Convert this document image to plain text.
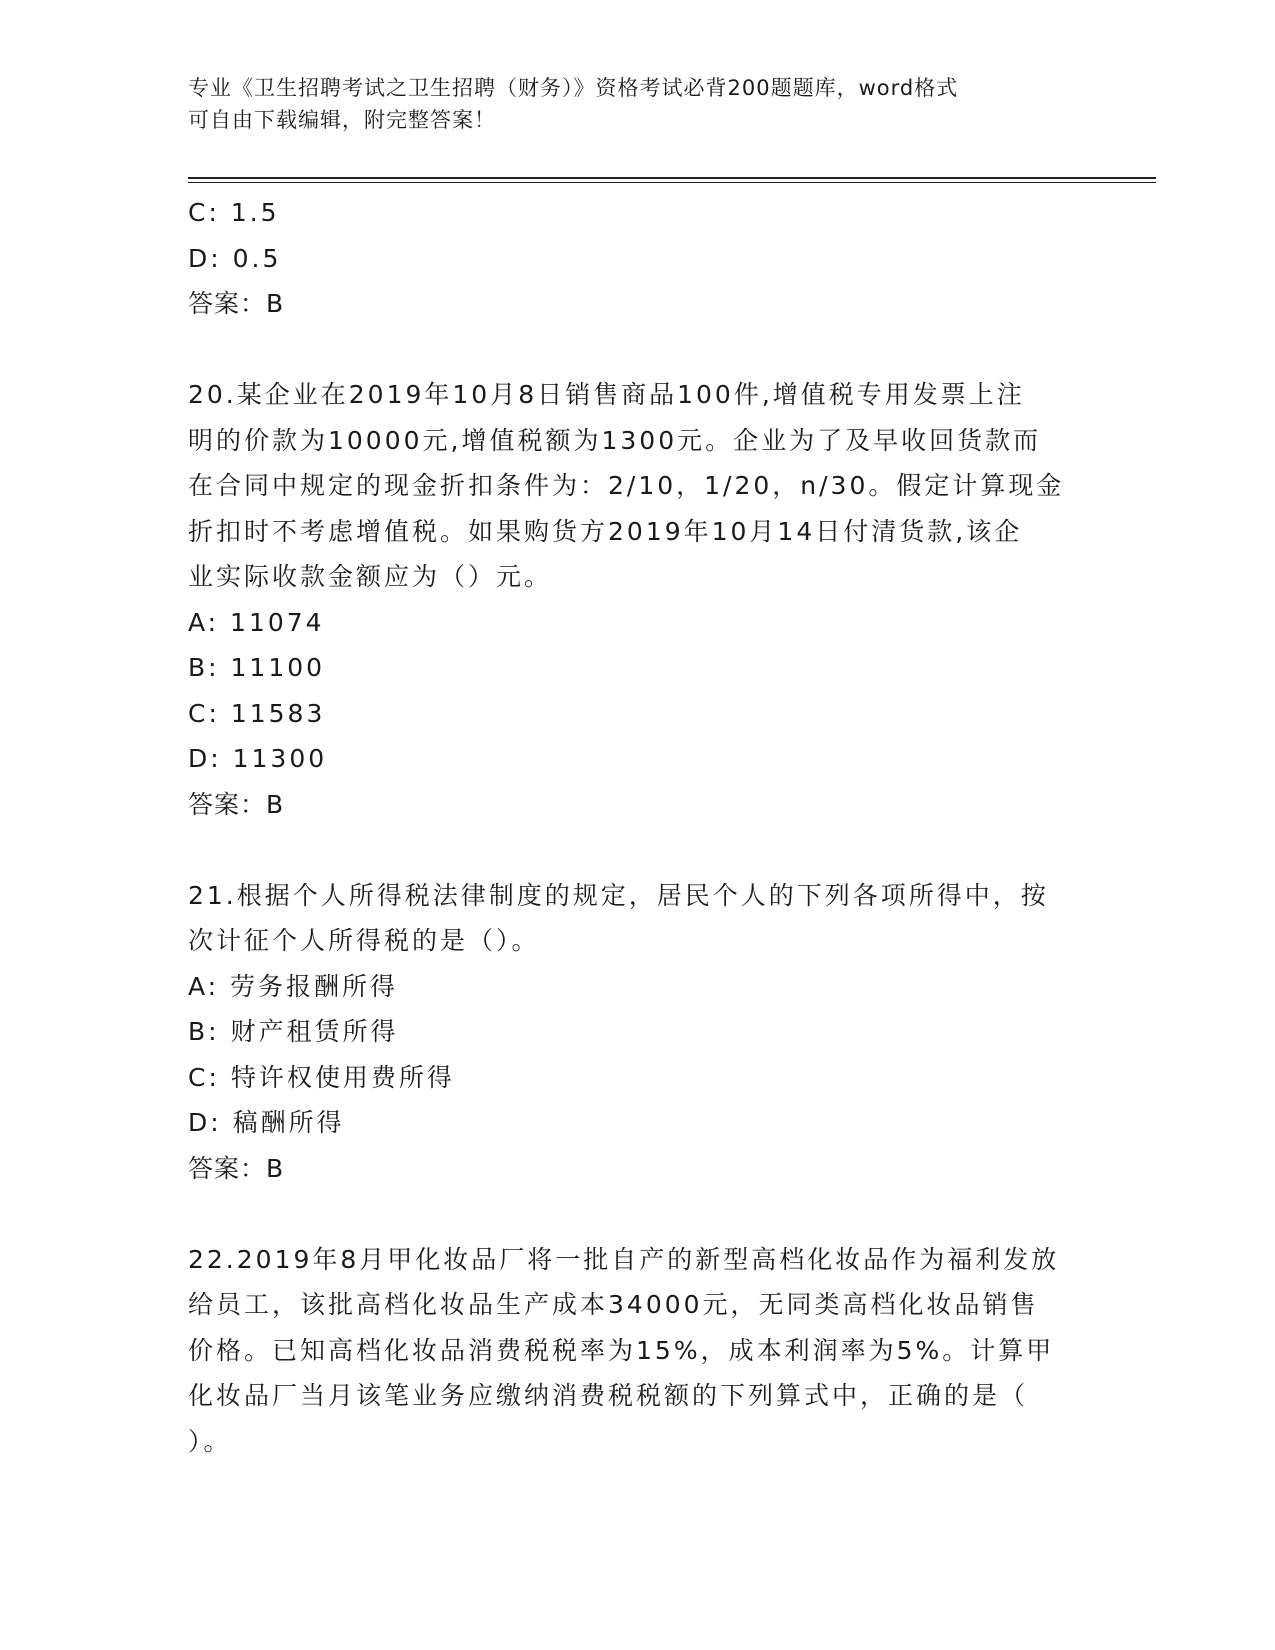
专业《卫生招聘考试之卫生招聘（财务）》资格考试必背200题题库，word格式
可自由下载编辑，附完整答案！
C: 1.5
D: 0.5
答案：B
20.某企业在2019年10月8日销售商品100件,增值税专用发票上注
明的价款为10000元,增值税额为1300元。企业为了及早收回货款而
在合同中规定的现金折扣条件为：2/10，1/20，n/30。假定计算现金
折扣时不考虑增值税。如果购货方2019年10月14日付清货款,该企
业实际收款金额应为（）元。
A: 11074
B: 11100
C: 11583
D: 11300
答案：B
21.根据个人所得税法律制度的规定，居民个人的下列各项所得中，按
次计征个人所得税的是（）。
A: 劳务报酬所得
B: 财产租赁所得
C: 特许权使用费所得
D: 稿酬所得
答案：B
22.2019年8月甲化妆品厂将一批自产的新型高档化妆品作为福利发放
给员工，该批高档化妆品生产成本34000元，无同类高档化妆品销售
价格。已知高档化妆品消费税税率为15%，成本利润率为5%。计算甲
化妆品厂当月该笔业务应缴纳消费税税额的下列算式中，正确的是（
）。
